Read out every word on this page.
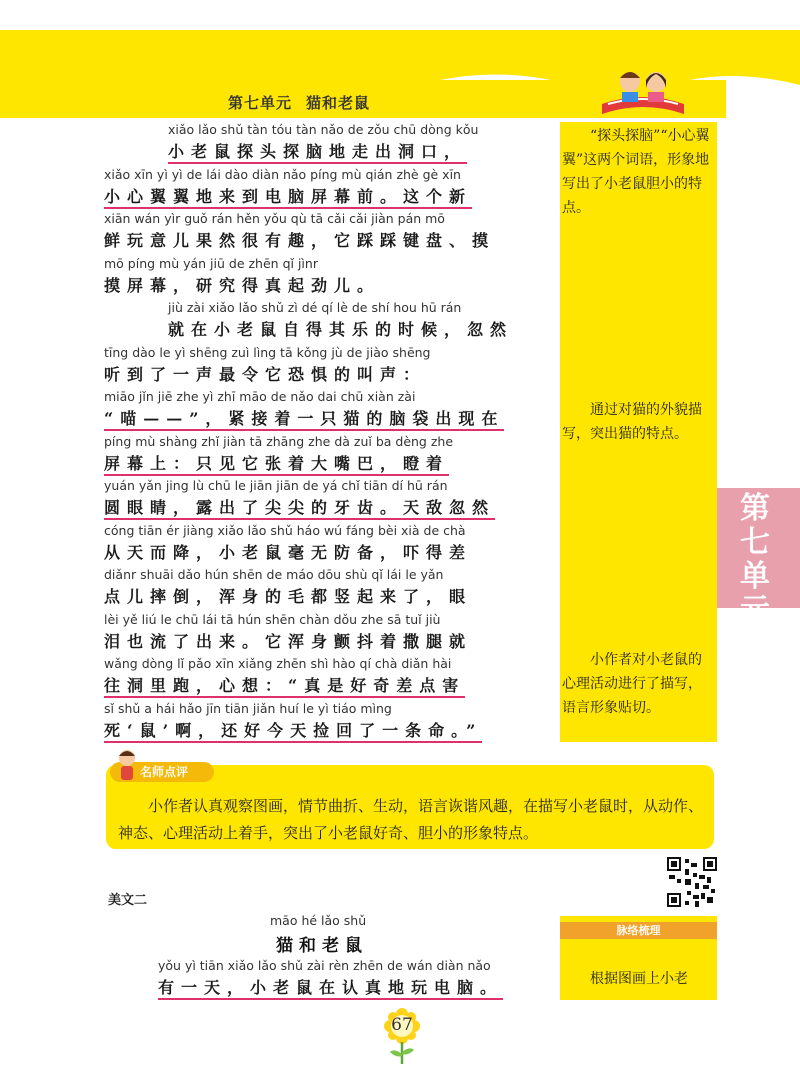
第七单元 猫和老鼠
xiǎo lǎo shǔ tàn tóu tàn nǎo de zǒu chū dòng kǒu
小老鼠探头探脑地走出洞口，
xiǎo xīn yì yì de lái dào diàn nǎo píng mù qián zhè gè xīn
小心翼翼地来到电脑屏幕前。这个新
xiān wán yìr guǒ rán hěn yǒu qù tā cǎi cǎi jiàn pán mō
鲜玩意儿果然很有趣，它踩踩键盘、摸
mō píng mù yán jiū de zhēn qǐ jìnr
摸屏幕，研究得真起劲儿。
jiù zài xiǎo lǎo shǔ zì dé qí lè de shí hou hū rán
就在小老鼠自得其乐的时候，忽然
tīng dào le yì shēng zuì lìng tā kǒng jù de jiào shēng
听到了一声最令它恐惧的叫声：
miāo jǐn jiē zhe yì zhī māo de nǎo dai chū xiàn zài
“喵——”，紧接着一只猫的脑袋出现在
píng mù shàng zhǐ jiàn tā zhāng zhe dà zuǐ ba dèng zhe
屏幕上：只见它张着大嘴巴，瞪着
yuán yǎn jing lù chū le jiān jiān de yá chǐ tiān dí hū rán
圆眼睛，露出了尖尖的牙齿。天敌忽然
cóng tiān ér jiàng xiǎo lǎo shǔ háo wú fáng bèi xià de chà
从天而降，小老鼠毫无防备，吓得差
diǎnr shuāi dǎo hún shēn de máo dōu shù qǐ lái le yǎn
点儿摔倒，浑身的毛都竖起来了，眼
lèi yě liú le chū lái tā hún shēn chàn dǒu zhe sā tuǐ jiù
泪也流了出来。它浑身颤抖着撒腿就
wǎng dòng lǐ pǎo xīn xiǎng zhēn shì hào qí chà diǎn hài
往洞里跑，心想：“真是好奇差点害
sǐ shǔ a hái hǎo jīn tiān jiǎn huí le yì tiáo mìng
死‘鼠’啊，还好今天捡回了一条命。”

“探头探脑”“小心翼翼”这两个词语，形象地写出了小老鼠胆小的特点。

通过对猫的外貌描写，突出猫的特点。

小作者对小老鼠的心理活动进行了描写，语言形象贴切。

第七单元
名师点评
小作者认真观察图画，情节曲折、生动，语言诙谐风趣，在描写小老鼠时，从动作、神态、心理活动上着手，突出了小老鼠好奇、胆小的形象特点。
美文二
māo hé lǎo shǔ
猫和老鼠
yǒu yì tiān xiǎo lǎo shǔ zài rèn zhēn de wán diàn nǎo
有一天，小老鼠在认真地玩电脑。
脉络梳理
根据图画上小老
67
